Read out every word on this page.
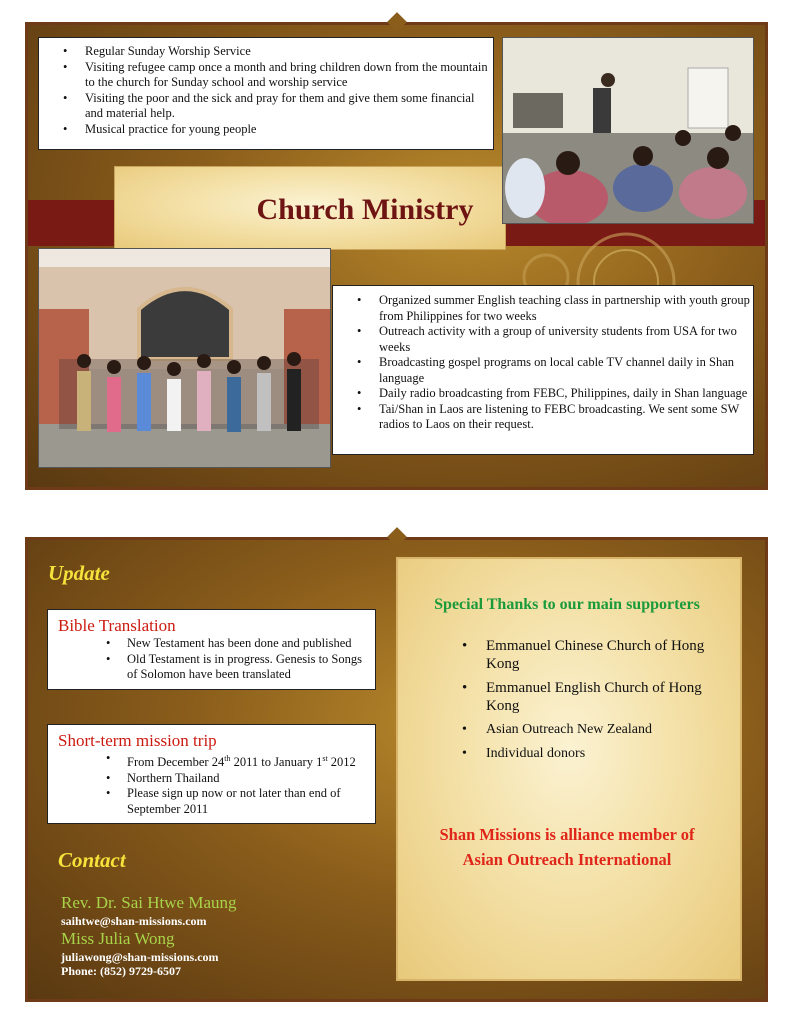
• Regular Sunday Worship Service
• Visiting refugee camp once a month and bring children down from the mountain to the church for Sunday school and worship service
• Visiting the poor and the sick and pray for them and give them some financial and material help.
• Musical practice for young people
Church Ministry
• Organized summer English teaching class in partnership with youth group from Philippines for two weeks
• Outreach activity with a group of university students from USA for two weeks
• Broadcasting gospel programs on local cable TV channel daily in Shan language
• Daily radio broadcasting from FEBC, Philippines, daily in Shan language
• Tai/Shan in Laos are listening to FEBC broadcasting. We sent some SW radios to Laos on their request.
Update
Bible Translation
• New Testament has been done and published
• Old Testament is in progress. Genesis to Songs of Solomon have been translated
Short-term mission trip
• From December 24th 2011 to January 1st 2012
• Northern Thailand
• Please sign up now or not later than end of September 2011
Contact
Rev. Dr. Sai Htwe Maung
saihtwe@shan-missions.com
Miss Julia Wong
juliawong@shan-missions.com
Phone: (852) 9729-6507
Special Thanks to our main supporters
• Emmanuel Chinese Church of Hong Kong
• Emmanuel English Church of Hong Kong
• Asian Outreach New Zealand
• Individual donors
Shan Missions is alliance member of
Asian Outreach International
